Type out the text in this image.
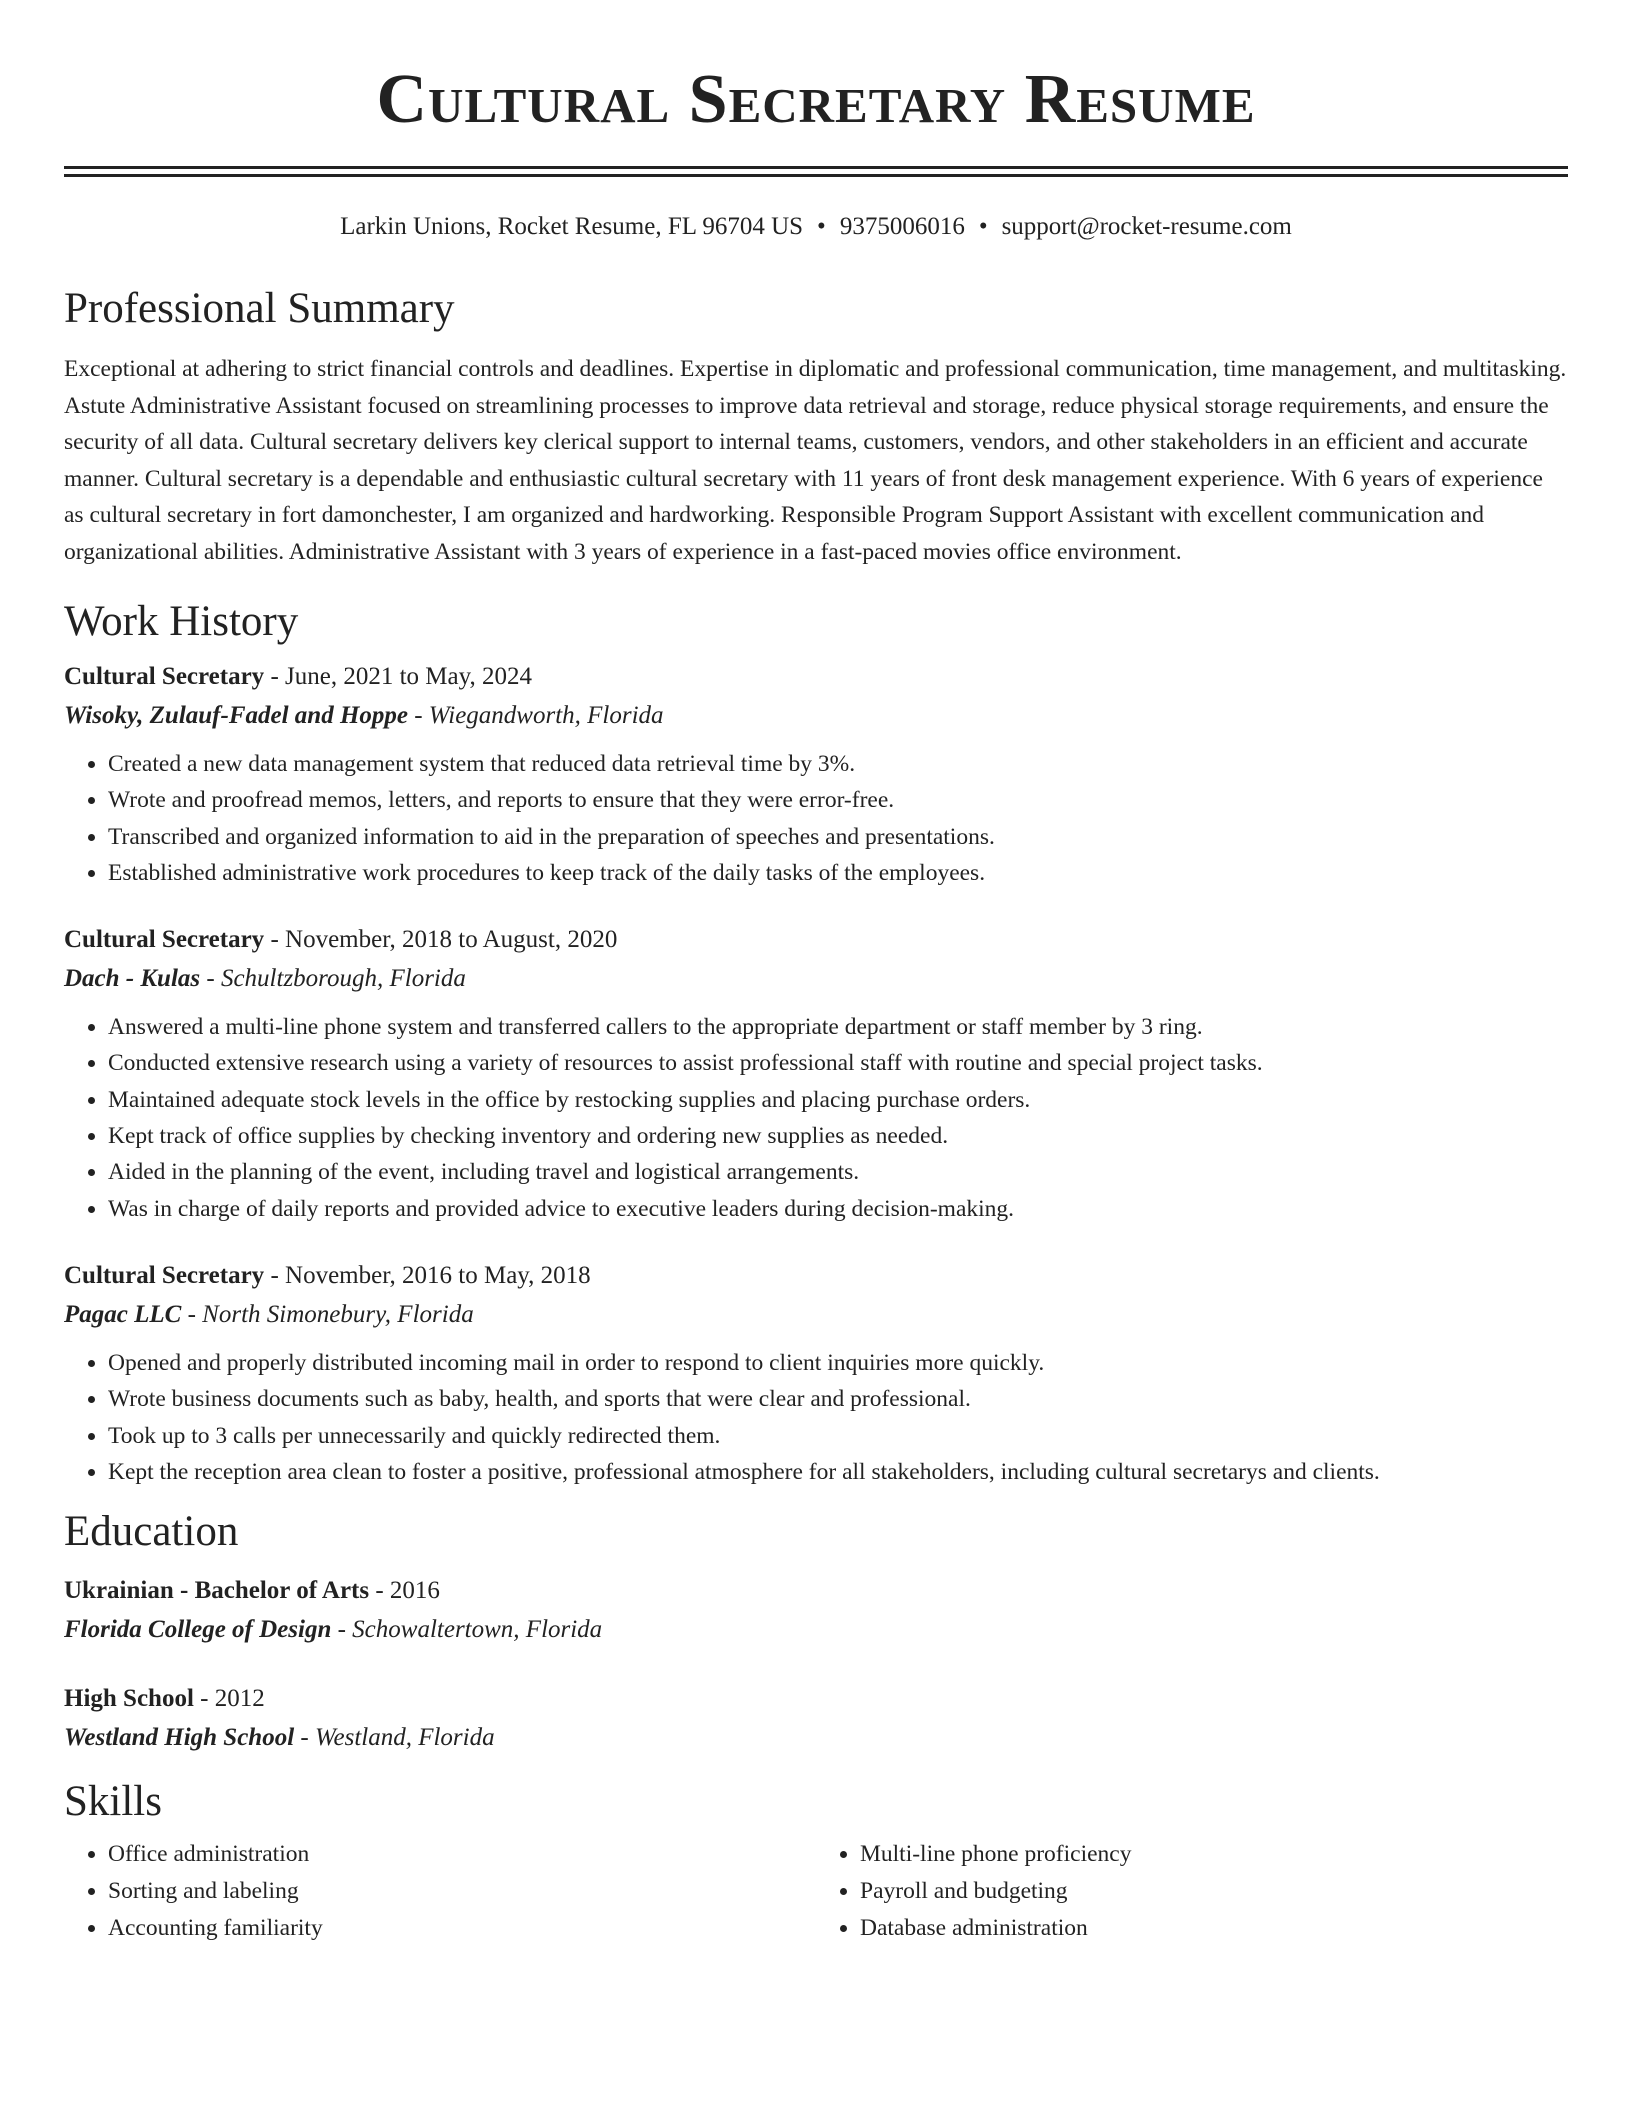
Cultural Secretary Resume
Larkin Unions, Rocket Resume, FL 96704 US • 9375006016 • support@rocket-resume.com
Professional Summary

Exceptional at adhering to strict financial controls and deadlines. Expertise in diplomatic and professional communication, time management, and multitasking. Astute Administrative Assistant focused on streamlining processes to improve data retrieval and storage, reduce physical storage requirements, and ensure the security of all data. Cultural secretary delivers key clerical support to internal teams, customers, vendors, and other stakeholders in an efficient and accurate manner. Cultural secretary is a dependable and enthusiastic cultural secretary with 11 years of front desk management experience. With 6 years of experience as cultural secretary in fort damonchester, I am organized and hardworking. Responsible Program Support Assistant with excellent communication and organizational abilities. Administrative Assistant with 3 years of experience in a fast-paced movies office environment.

Work History
Cultural Secretary - June, 2021 to May, 2024
Wisoky, Zulauf-Fadel and Hoppe - Wiegandworth, Florida
• Created a new data management system that reduced data retrieval time by 3%.
• Wrote and proofread memos, letters, and reports to ensure that they were error-free.
• Transcribed and organized information to aid in the preparation of speeches and presentations.
• Established administrative work procedures to keep track of the daily tasks of the employees.
Cultural Secretary - November, 2018 to August, 2020
Dach - Kulas - Schultzborough, Florida
• Answered a multi-line phone system and transferred callers to the appropriate department or staff member by 3 ring.
• Conducted extensive research using a variety of resources to assist professional staff with routine and special project tasks.
• Maintained adequate stock levels in the office by restocking supplies and placing purchase orders.
• Kept track of office supplies by checking inventory and ordering new supplies as needed.
• Aided in the planning of the event, including travel and logistical arrangements.
• Was in charge of daily reports and provided advice to executive leaders during decision-making.
Cultural Secretary - November, 2016 to May, 2018
Pagac LLC - North Simonebury, Florida
• Opened and properly distributed incoming mail in order to respond to client inquiries more quickly.
• Wrote business documents such as baby, health, and sports that were clear and professional.
• Took up to 3 calls per unnecessarily and quickly redirected them.
• Kept the reception area clean to foster a positive, professional atmosphere for all stakeholders, including cultural secretarys and clients.
Education
Ukrainian - Bachelor of Arts - 2016
Florida College of Design - Schowaltertown, Florida
High School - 2012
Westland High School - Westland, Florida
Skills
• Office administration
• Sorting and labeling
• Accounting familiarity
• Multi-line phone proficiency
• Payroll and budgeting
• Database administration
